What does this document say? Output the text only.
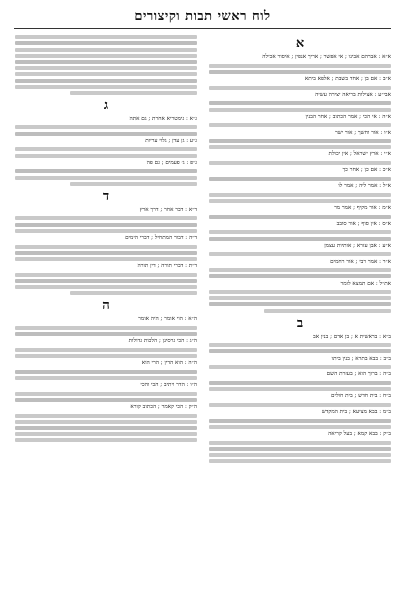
לוח ראשי תבות וקיצורים
א

א״א : אברהם אבינו ; אי אפשר ; אריך אנפין ; איסור אכילה

א״ב : אם בן ; אחד בשבת ; אלפא ביתא

אבי״ע : אצילות בריאה יצירה עשיה

א״ה : אי הכי ; אמר הכתוב ; אחר הבנין

א״ו : אור וחשך ; אור ישר

א״י : ארץ ישראל ; אין יכולת

א״כ : אם כן ; אחר כך

א״ל : אמר ליה ; אמר לו

א״מ : אור מקיף ; אמר מר

א״ס : אין סוף ; אור סובב

א״ע : אבן עזרא ; אותיות עצמן

א״ר : אמר רבי ; אור רחמים

את״ל : אם תמצא לומר

ב

ב״א : בראשית א ; בן אדם ; בנין אב

ב״ב : בבא בתרא ; בנין ביתו

ב״ה : ברוך הוא ; בעזרת השם

ב״ח : בית חדש ; בית חולים

ב״מ : בבא מציעא ; בית המקדש

ב״ק : בבא קמא ; בעל קריאה

ג

ג״א : גימטריא אחרת ; גם אתה

ג״ע : גן עדן ; גלוי עריות

ג״פ : ג׳ פעמים ; גם פה

ד

ד״א : דבר אחר ; דרך ארץ

ד״ה : דבור המתחיל ; דברי הימים

ד״ת : דברי תורה ; דין תורה

ה

ה״א : הוי אומר ; היה אומר

ה״ג : הכי גרסינן ; הלכות גדולות

ה״ה : הוא הדין ; הרי הוא

ה״ו : הדר ויתיב ; הכי והכי

ה״ק : הכי קאמר ; הכתוב קורא
